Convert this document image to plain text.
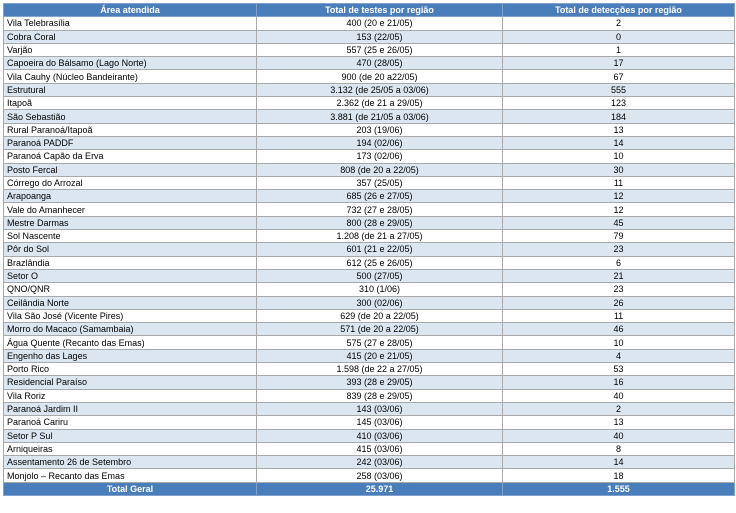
Área atendida	Total de testes por região	Total de detecções por região
Vila Telebrasília	400 (20 e 21/05)	2
Cobra Coral	153 (22/05)	0
Varjão	557 (25 e 26/05)	1
Capoeira do Bálsamo (Lago Norte)	470 (28/05)	17
Vila Cauhy (Núcleo Bandeirante)	900 (de 20 a22/05)	67
Estrutural	3.132 (de 25/05 a 03/06)	555
Itapoã	2.362 (de 21 a 29/05)	123
São Sebastião	3.881 (de 21/05 a 03/06)	184
Rural Paranoá/Itapoã	203 (19/06)	13
Paranoá PADDF	194 (02/06)	14
Paranoá Capão da Erva	173 (02/06)	10
Posto Fercal	808 (de 20 a 22/05)	30
Córrego do Arrozal	357 (25/05)	11
Arapoanga	685 (26 e 27/05)	12
Vale do Amanhecer	732 (27 e 28/05)	12
Mestre Darmas	800 (28 e 29/05)	45
Sol Nascente	1.208 (de 21 a 27/05)	79
Pôr do Sol	601 (21 e 22/05)	23
Brazlândia	612 (25 e 26/05)	6
Setor O	500 (27/05)	21
QNO/QNR	310 (1/06)	23
Ceilândia Norte	300 (02/06)	26
Vila São José (Vicente Pires)	629 (de 20 a 22/05)	11
Morro do Macaco (Samambaia)	571 (de 20 a 22/05)	46
Água Quente (Recanto das Emas)	575 (27 e 28/05)	10
Engenho das Lages	415 (20 e 21/05)	4
Porto Rico	1.598 (de 22 a 27/05)	53
Residencial Paraíso	393 (28 e 29/05)	16
Vila Roriz	839 (28 e 29/05)	40
Paranoá Jardim II	143 (03/06)	2
Paranoá Cariru	145 (03/06)	13
Setor P Sul	410 (03/06)	40
Arniqueiras	415 (03/06)	8
Assentamento 26 de Setembro	242 (03/06)	14
Monjolo – Recanto das Emas	258 (03/06)	18
Total Geral	25.971	1.555
